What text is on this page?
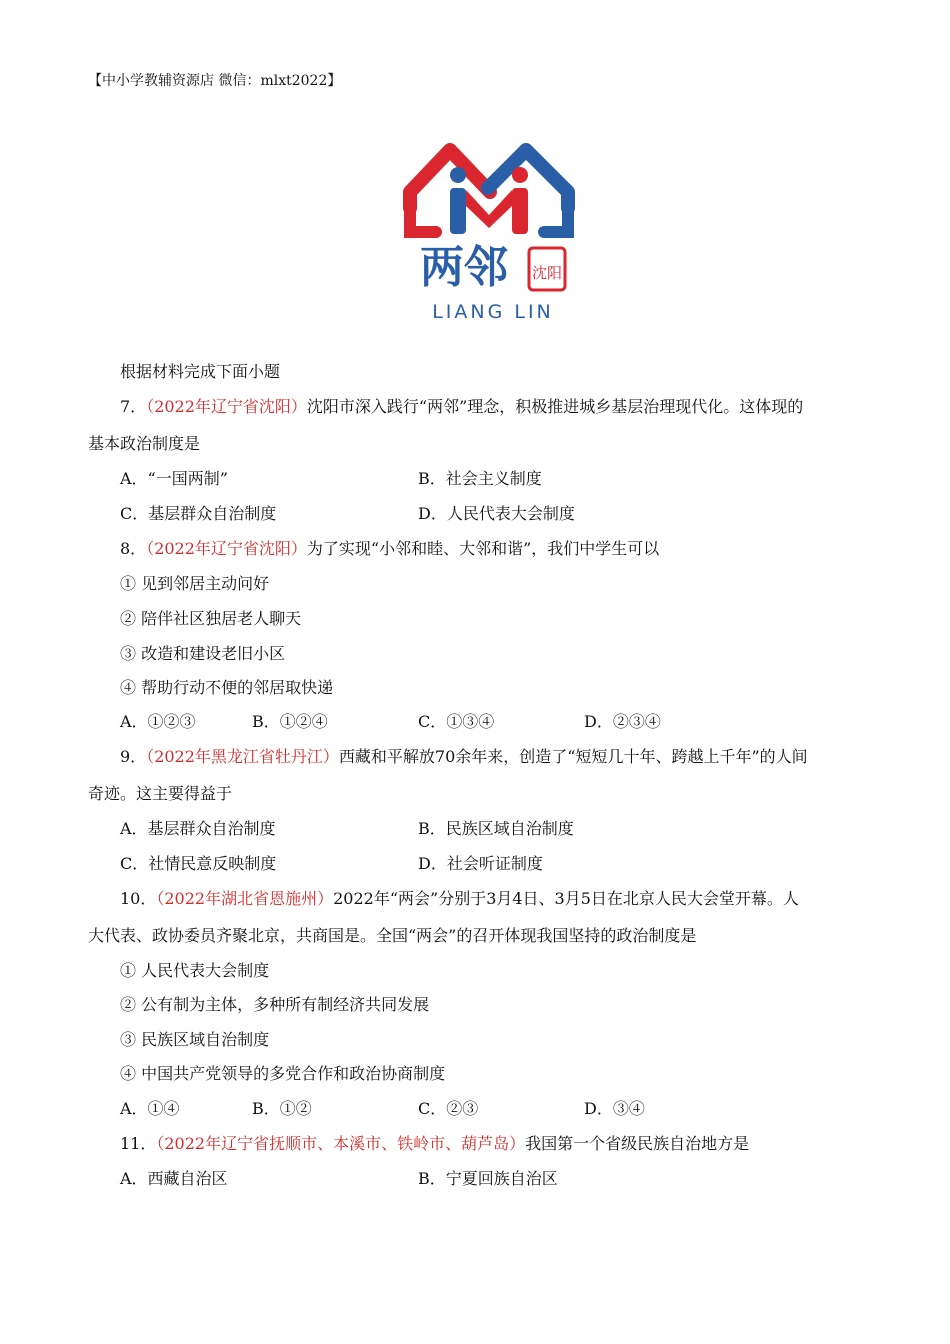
【中小学教辅资源店 微信：mlxt2022】
两邻 沈阳
LIANG LIN
根据材料完成下面小题
7．（2022年辽宁省沈阳）沈阳市深入践行“两邻”理念，积极推进城乡基层治理现代化。这体现的
基本政治制度是
A．“一国两制”	B．社会主义制度
C．基层群众自治制度	D．人民代表大会制度
8．（2022年辽宁省沈阳）为了实现“小邻和睦、大邻和谐”，我们中学生可以
① 见到邻居主动问好
② 陪伴社区独居老人聊天
③ 改造和建设老旧小区
④ 帮助行动不便的邻居取快递
A．①②③	B．①②④	C．①③④	D．②③④
9．（2022年黑龙江省牡丹江）西藏和平解放70余年来，创造了“短短几十年、跨越上千年”的人间
奇迹。这主要得益于
A．基层群众自治制度	B．民族区域自治制度
C．社情民意反映制度	D．社会听证制度
10．（2022年湖北省恩施州）2022年“两会”分别于3月4日、3月5日在北京人民大会堂开幕。人
大代表、政协委员齐聚北京，共商国是。全国“两会”的召开体现我国坚持的政治制度是
① 人民代表大会制度
② 公有制为主体，多种所有制经济共同发展
③ 民族区域自治制度
④ 中国共产党领导的多党合作和政治协商制度
A．①④	B．①②	C．②③	D．③④
11．（2022年辽宁省抚顺市、本溪市、铁岭市、葫芦岛）我国第一个省级民族自治地方是
A．西藏自治区	B．宁夏回族自治区
